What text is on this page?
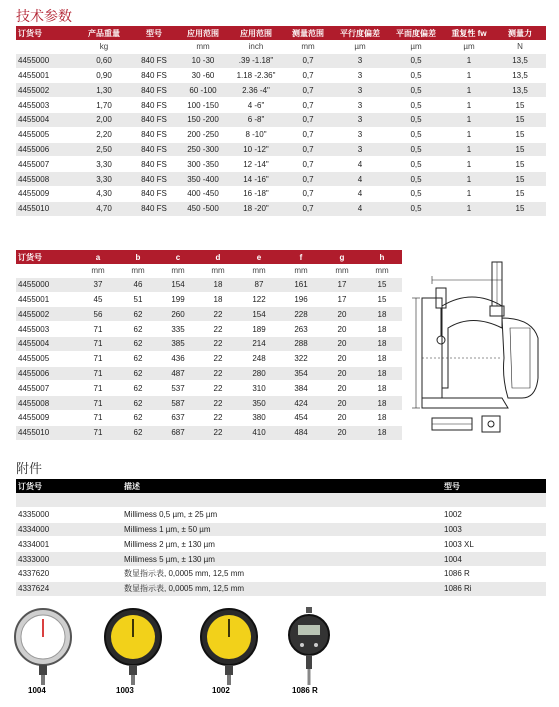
技术参数
订货号	产品重量	型号	应用范围	应用范围	测量范围	平行度偏差	平面度偏差	重复性 fw	测量力
	kg		mm	inch	mm	µm	µm	µm	N
4455000	0,60	840 FS	10 -30	.39 -1.18"	0,7	3	0,5	1	13,5
4455001	0,90	840 FS	30 -60	1.18 -2.36"	0,7	3	0,5	1	13,5
4455002	1,30	840 FS	60 -100	2.36 -4"	0,7	3	0,5	1	13,5
4455003	1,70	840 FS	100 -150	4 -6"	0,7	3	0,5	1	15
4455004	2,00	840 FS	150 -200	6 -8"	0,7	3	0,5	1	15
4455005	2,20	840 FS	200 -250	8 -10"	0,7	3	0,5	1	15
4455006	2,50	840 FS	250 -300	10 -12"	0,7	3	0,5	1	15
4455007	3,30	840 FS	300 -350	12 -14"	0,7	4	0,5	1	15
4455008	3,30	840 FS	350 -400	14 -16"	0,7	4	0,5	1	15
4455009	4,30	840 FS	400 -450	16 -18"	0,7	4	0,5	1	15
4455010	4,70	840 FS	450 -500	18 -20"	0,7	4	0,5	1	15
订货号	a	b	c	d	e	f	g	h
	mm	mm	mm	mm	mm	mm	mm	mm
4455000	37	46	154	18	87	161	17	15
4455001	45	51	199	18	122	196	17	15
4455002	56	62	260	22	154	228	20	18
4455003	71	62	335	22	189	263	20	18
4455004	71	62	385	22	214	288	20	18
4455005	71	62	436	22	248	322	20	18
4455006	71	62	487	22	280	354	20	18
4455007	71	62	537	22	310	384	20	18
4455008	71	62	587	22	350	424	20	18
4455009	71	62	637	22	380	454	20	18
4455010	71	62	687	22	410	484	20	18
附件
订货号	描述	型号

4335000	Millimess 0,5 µm, ± 25 µm	1002
4334000	Millimess 1 µm, ± 50 µm	1003
4334001	Millimess 2 µm, ± 130 µm	1003 XL
4333000	Millimess 5 µm, ± 130 µm	1004
4337620	数显指示表, 0,0005 mm, 12,5 mm	1086 R
4337624	数显指示表, 0,0005 mm, 12,5 mm	1086 Ri
1004	1003	1002	1086 R
